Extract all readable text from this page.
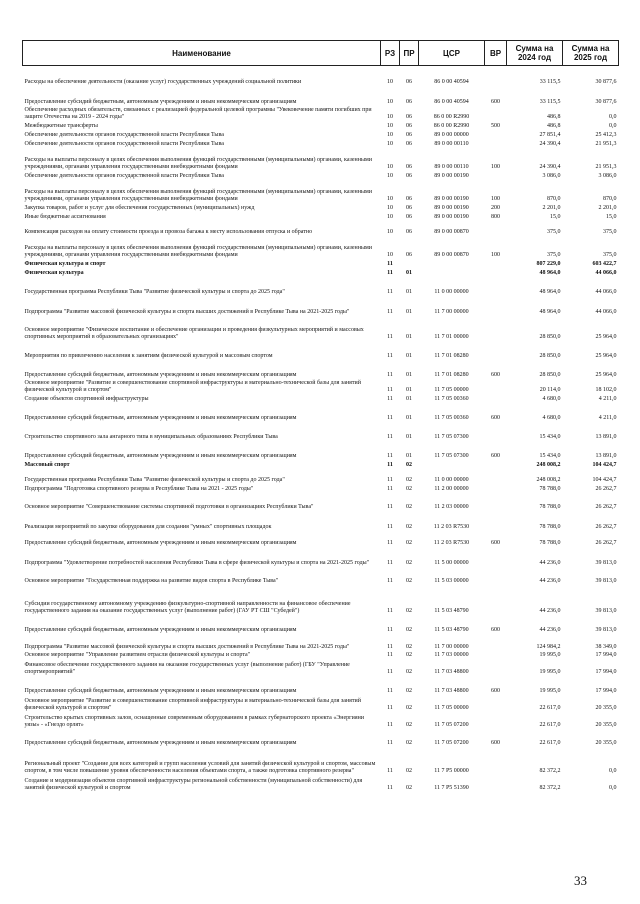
Наименование	РЗ	ПР	ЦСР	ВР	Сумма на 2024 год	Сумма на 2025 год
Расходы на обеспечение деятельности (оказание услуг) государственных учреждений социальной политики	10	06	86 0 00 40594		33 115,5	30 877,6
Предоставление субсидий бюджетным, автономным учреждениям и иным некоммерческим организациям	10	06	86 0 00 40594	600	33 115,5	30 877,6
Обеспечение расходных обязательств, связанных с реализацией федеральной целевой программы "Увековечение памяти погибших при защите Отечества на 2019 - 2024 годы"	10	06	86 0 00 R2990		486,8	0,0
Межбюджетные трансферты	10	06	86 0 00 R2990	500	486,8	0,0
Обеспечение деятельности органов государственной власти Республики Тыва	10	06	89 0 00 00000		27 851,4	25 412,3
Обеспечение деятельности органов государственной власти Республики Тыва	10	06	89 0 00 00110		24 390,4	21 951,3
Расходы на выплаты персоналу в целях обеспечения выполнения функций государственными (муниципальными) органами, казенными учреждениями, органами управления государственными внебюджетными фондами	10	06	89 0 00 00110	100	24 390,4	21 951,3
Обеспечение деятельности органов государственной власти Республики Тыва	10	06	89 0 00 00190		3 086,0	3 086,0
Расходы на выплаты персоналу в целях обеспечения выполнения функций государственными (муниципальными) органами, казенными учреждениями, органами управления государственными внебюджетными фондами	10	06	89 0 00 00190	100	870,0	870,0
Закупка товаров, работ и услуг для обеспечения государственных (муниципальных) нужд	10	06	89 0 00 00190	200	2 201,0	2 201,0
Иные бюджетные ассигнования	10	06	89 0 00 00190	800	15,0	15,0
Компенсация расходов на оплату стоимости проезда и провоза багажа к месту использования отпуска и обратно	10	06	89 0 00 00870		375,0	375,0
Расходы на выплаты персоналу в целях обеспечения выполнения функций государственными (муниципальными) органами, казенными учреждениями, органами управления государственными внебюджетными фондами	10	06	89 0 00 00870	100	375,0	375,0
Физическая культура и спорт	11				807 229,0	603 422,7
Физическая культура	11	01			48 964,0	44 066,0
Государственная программа Республики Тыва "Развитие физической культуры и спорта до 2025 года"	11	01	11 0 00 00000		48 964,0	44 066,0
Подпрограмма "Развитие массовой физической культуры и спорта высших достижений в Республике Тыва на 2021-2025 годы"	11	01	11 7 00 00000		48 964,0	44 066,0
Основное мероприятие "Физическое воспитание и обеспечение организации и проведения физкультурных мероприятий и массовых спортивных мероприятий в образовательных организациях"	11	01	11 7 01 00000		28 850,0	25 964,0
Мероприятия по привлечению населения к занятиям физической культурой и массовым спортом	11	01	11 7 01 08280		28 850,0	25 964,0
Предоставление субсидий бюджетным, автономным учреждениям и иным некоммерческим организациям	11	01	11 7 01 08280	600	28 850,0	25 964,0
Основное мероприятие "Развитие и совершенствование спортивной инфраструктуры и материально-технической базы для занятий физической культурой и спортом"	11	01	11 7 05 00000		20 114,0	18 102,0
Создание объектов спортивной инфраструктуры	11	01	11 7 05 00360		4 680,0	4 211,0
Предоставление субсидий бюджетным, автономным учреждениям и иным некоммерческим организациям	11	01	11 7 05 00360	600	4 680,0	4 211,0
Строительство спортивного зала ангарного типа в муниципальных образованиях Республики Тыва	11	01	11 7 05 07300		15 434,0	13 891,0
Предоставление субсидий бюджетным, автономным учреждениям и иным некоммерческим организациям	11	01	11 7 05 07300	600	15 434,0	13 891,0
Массовый спорт	11	02			248 008,2	104 424,7
Государственная программа Республики Тыва "Развитие физической культуры и спорта до 2025 года"	11	02	11 0 00 00000		248 008,2	104 424,7
Подпрограмма "Подготовка спортивного резерва в Республике Тыва на 2021 - 2025 годы"	11	02	11 2 00 00000		78 788,0	26 262,7
Основное мероприятие "Совершенствование системы спортивной подготовки в организациях Республики Тыва"	11	02	11 2 03 00000		78 788,0	26 262,7
Реализация мероприятий по закупке оборудования для создания "умных" спортивных площадок	11	02	11 2 03 R7530		78 788,0	26 262,7
Предоставление субсидий бюджетным, автономным учреждениям и иным некоммерческим организациям	11	02	11 2 03 R7530	600	78 788,0	26 262,7
Подпрограмма "Удовлетворение потребностей населения Республики Тыва в сфере физической культуры и спорта на 2021-2025 годы"	11	02	11 5 00 00000		44 236,0	39 813,0
Основное мероприятие "Государственная поддержка на развитие видов спорта в Республике Тыва"	11	02	11 5 03 00000		44 236,0	39 813,0
Субсидии государственному автономному учреждению физкультурно-спортивной направленности на финансовое обеспечение государственного задания на оказание государственных услуг (выполнение работ) (ГАУ РТ СШ "Субедей")	11	02	11 5 03 48790		44 236,0	39 813,0
Предоставление субсидий бюджетным, автономным учреждениям и иным некоммерческим организациям	11	02	11 5 03 48790	600	44 236,0	39 813,0
Подпрограмма "Развитие массовой физической культуры и спорта высших достижений в Республике Тыва на 2021-2025 годы"	11	02	11 7 00 00000		124 984,2	38 349,0
Основное мероприятие "Управление развитием отрасли физической культуры и спорта"	11	02	11 7 03 00000		19 995,0	17 994,0
Финансовое обеспечение государственного задания на оказание государственных услуг (выполнение работ) (ГБУ "Управление спортмероприятий"	11	02	11 7 03 48800		19 995,0	17 994,0
Предоставление субсидий бюджетным, автономным учреждениям и иным некоммерческим организациям	11	02	11 7 03 48800	600	19 995,0	17 994,0
Основное мероприятие "Развитие и совершенствование спортивной инфраструктуры и материально-технической базы для занятий физической культурой и спортом"	11	02	11 7 05 00000		22 617,0	20 355,0
Строительство крытых спортивных залов, оснащенные современным оборудованием в рамках губернаторского проекта «Энергияни уязы» - «Гнездо орлят»	11	02	11 7 05 07200		22 617,0	20 355,0
Предоставление субсидий бюджетным, автономным учреждениям и иным некоммерческим организациям	11	02	11 7 05 07200	600	22 617,0	20 355,0
Региональный проект "Создание для всех категорий и групп населения условий для занятий физической культурой и спортом, массовым спортом, в том числе повышение уровня обеспеченности населения объектами спорта, а также подготовка спортивного резерва"	11	02	11 7 P5 00000		82 372,2	0,0
Создание и модернизация объектов спортивной инфраструктуры региональной собственности (муниципальной собственности) для занятий физической культурой и спортом	11	02	11 7 P5 51390		82 372,2	0,0
33
